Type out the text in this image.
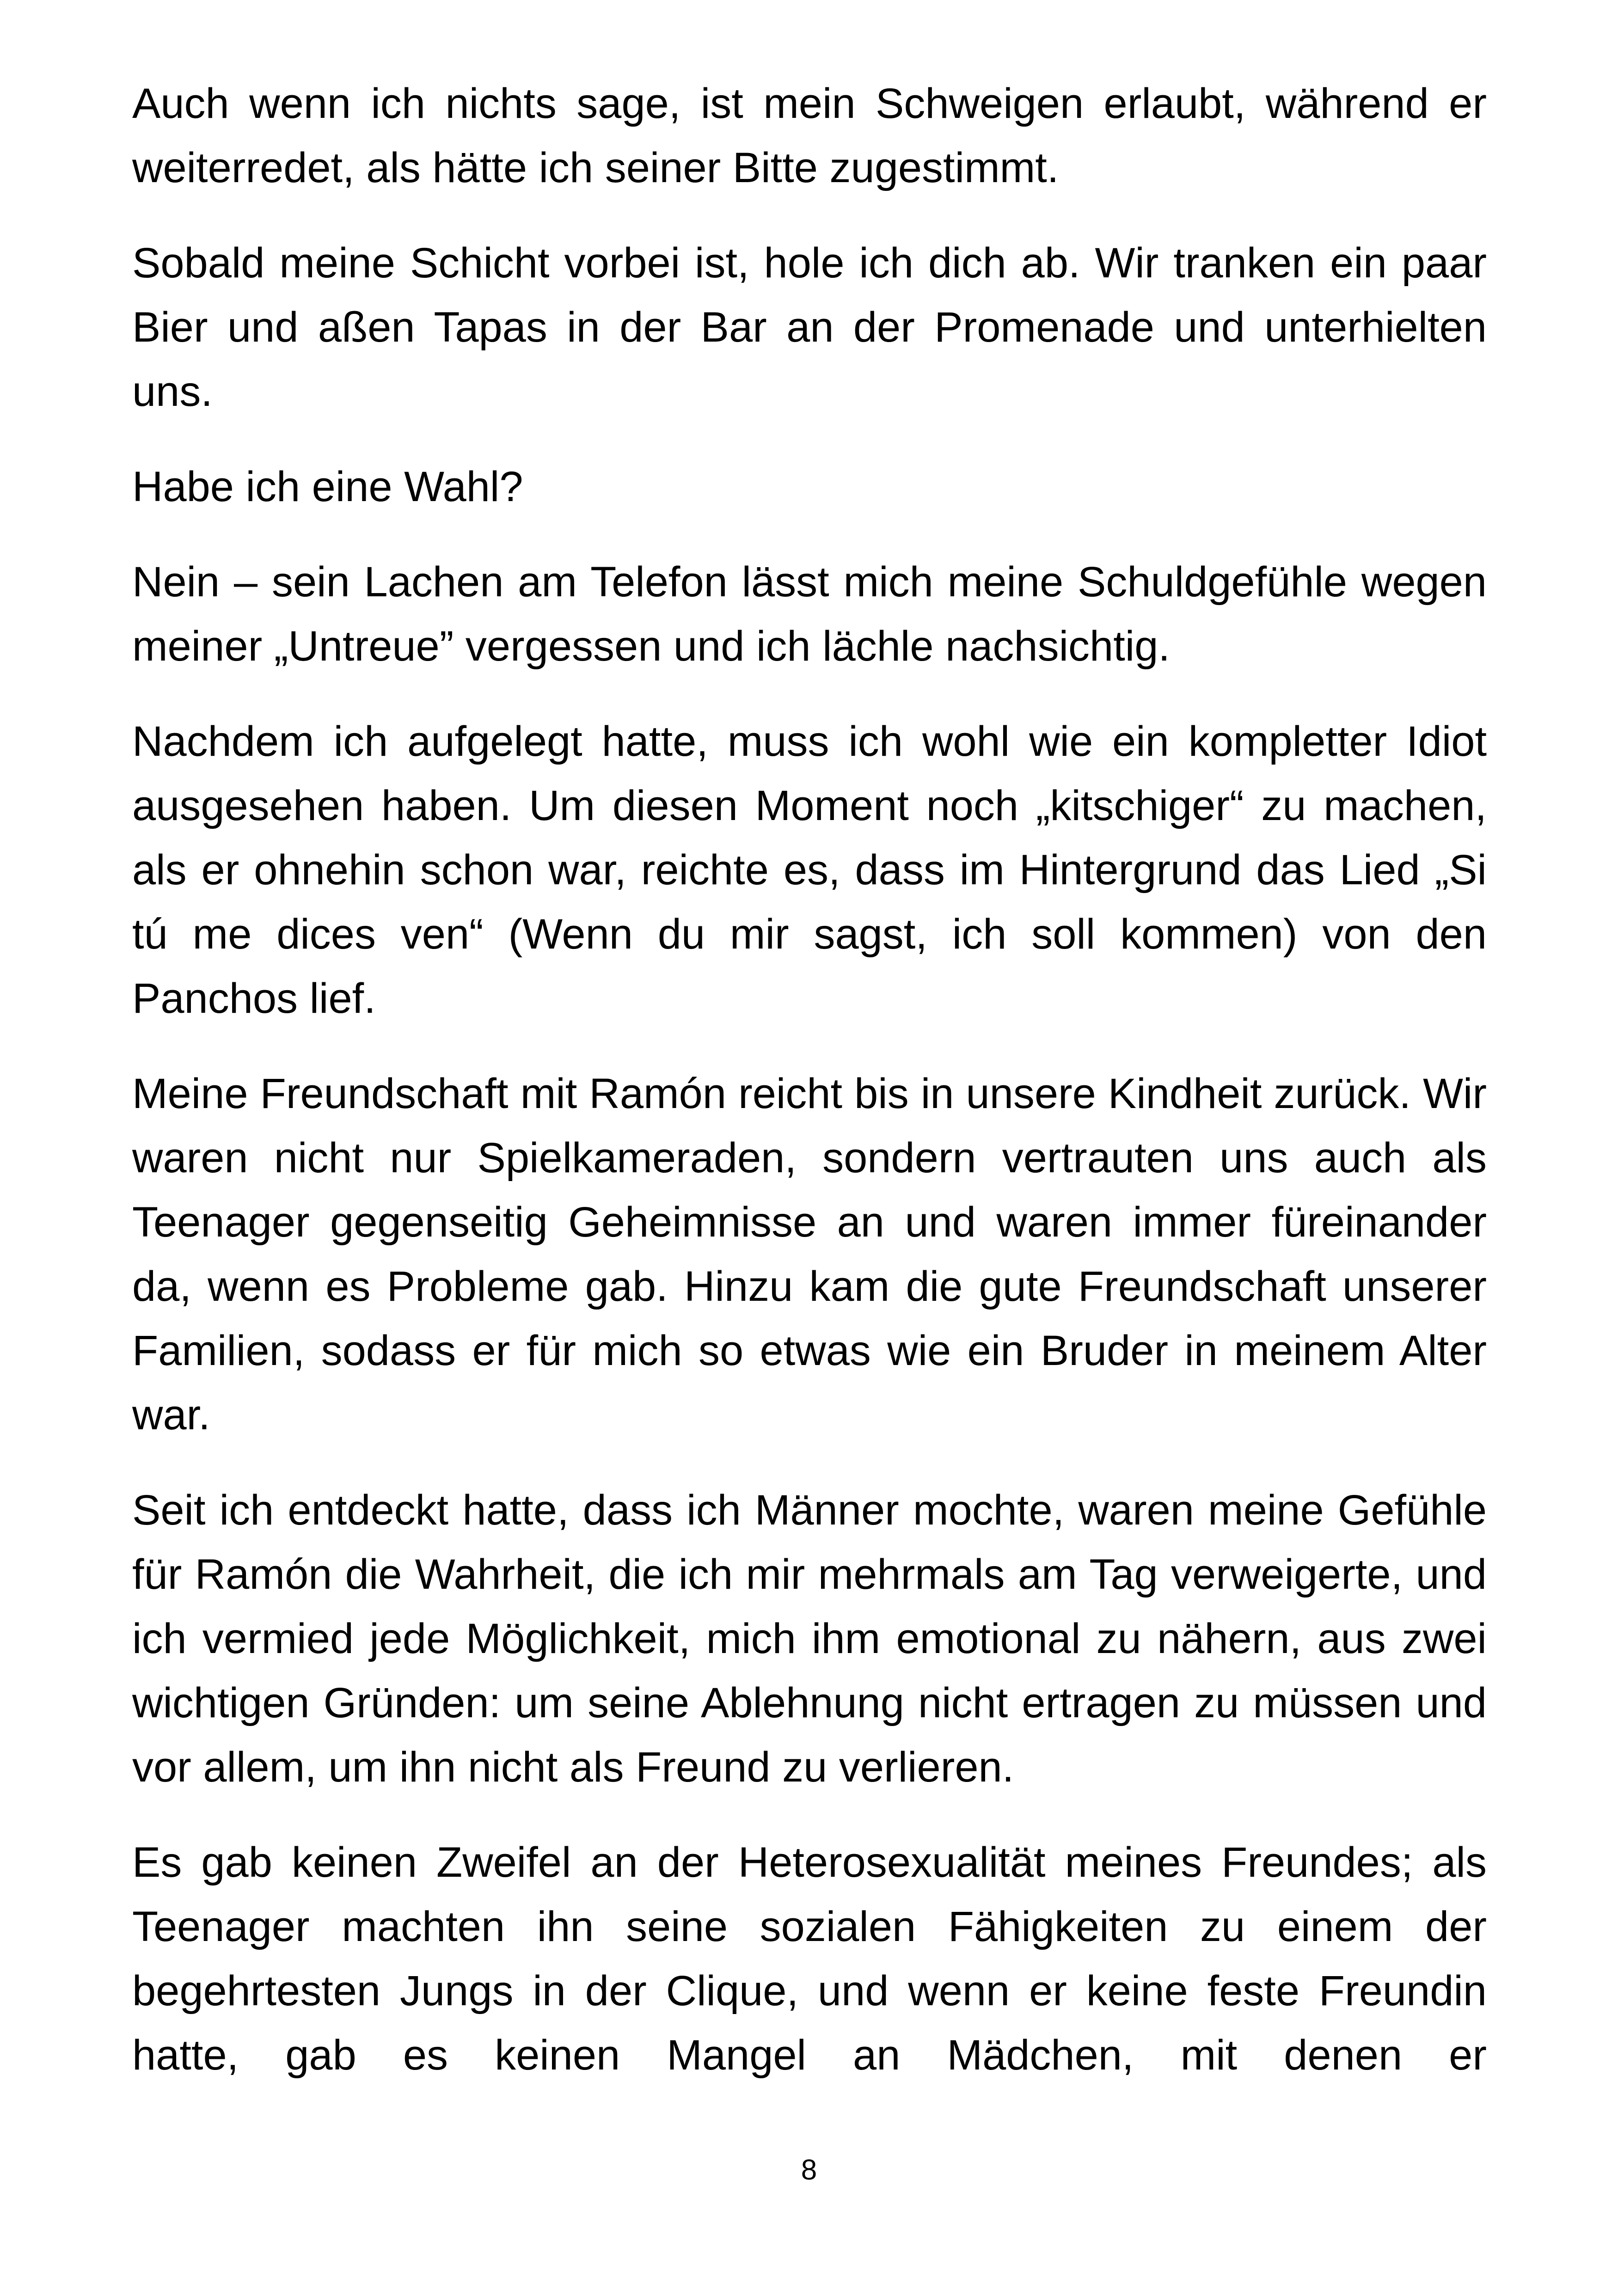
Auch wenn ich nichts sage, ist mein Schweigen erlaubt, während er weiterredet, als hätte ich seiner Bitte zugestimmt.

Sobald meine Schicht vorbei ist, hole ich dich ab. Wir tranken ein paar Bier und aßen Tapas in der Bar an der Promenade und unterhielten uns.

Habe ich eine Wahl?

Nein – sein Lachen am Telefon lässt mich meine Schuldgefühle wegen meiner „Untreue” vergessen und ich lächle nachsichtig.

Nachdem ich aufgelegt hatte, muss ich wohl wie ein kompletter Idiot ausgesehen haben. Um diesen Moment noch „kitschiger“ zu machen, als er ohnehin schon war, reichte es, dass im Hintergrund das Lied „Si tú me dices ven“ (Wenn du mir sagst, ich soll kommen) von den Panchos lief.

Meine Freundschaft mit Ramón reicht bis in unsere Kindheit zurück. Wir waren nicht nur Spielkameraden, sondern vertrauten uns auch als Teenager gegenseitig Geheimnisse an und waren immer füreinander da, wenn es Probleme gab. Hinzu kam die gute Freundschaft unserer Familien, sodass er für mich so etwas wie ein Bruder in meinem Alter war.

Seit ich entdeckt hatte, dass ich Männer mochte, waren meine Gefühle für Ramón die Wahrheit, die ich mir mehrmals am Tag verweigerte, und ich vermied jede Möglichkeit, mich ihm emotional zu nähern, aus zwei wichtigen Gründen: um seine Ablehnung nicht ertragen zu müssen und vor allem, um ihn nicht als Freund zu verlieren.

Es gab keinen Zweifel an der Heterosexualität meines Freundes; als Teenager machten ihn seine sozialen Fähigkeiten zu einem der begehrtesten Jungs in der Clique, und wenn er keine feste Freundin hatte, gab es keinen Mangel an Mädchen, mit denen er

8
